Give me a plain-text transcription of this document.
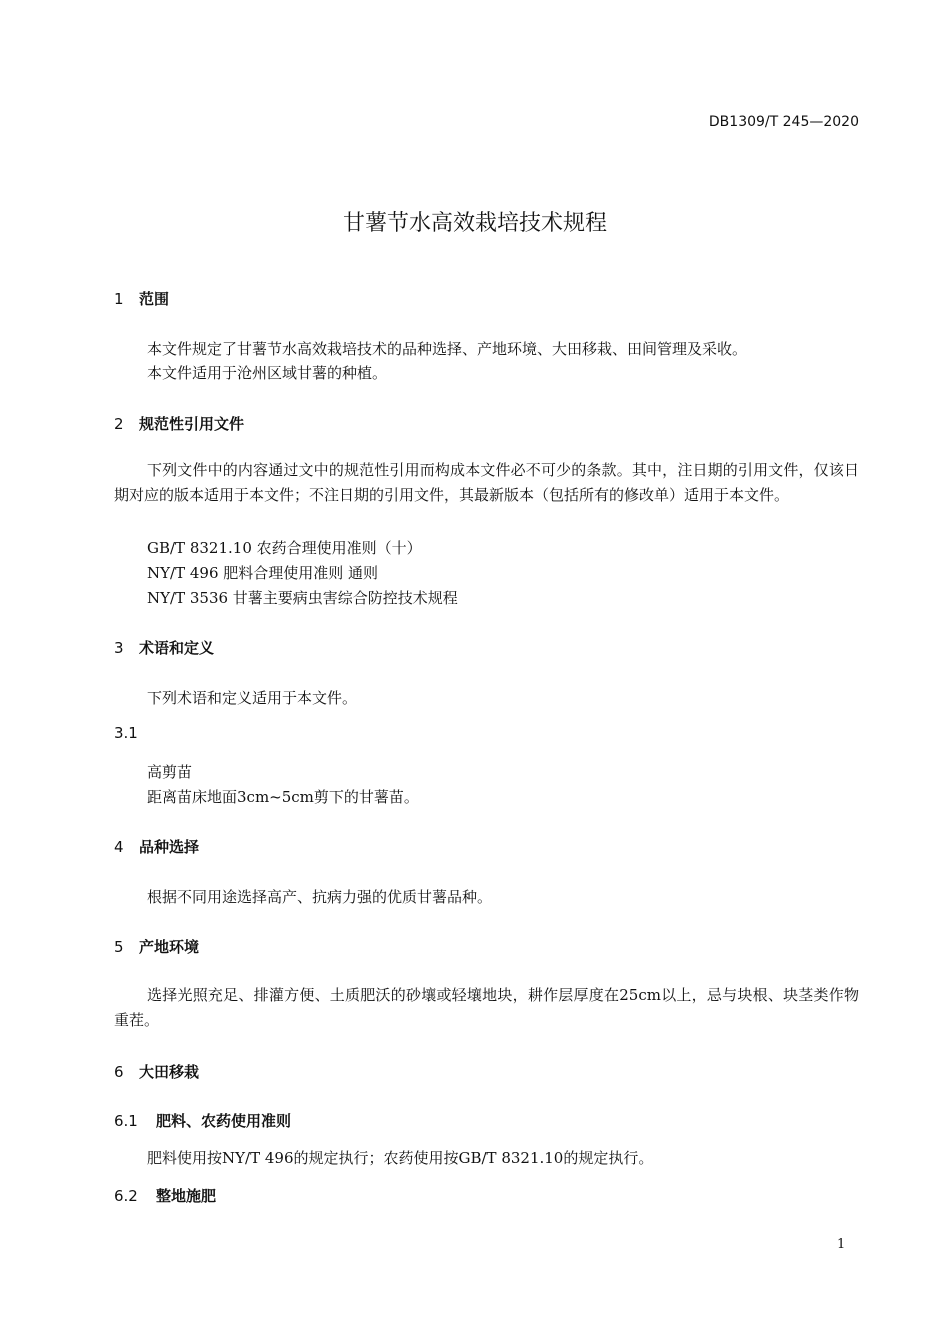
DB1309/T 245—2020
甘薯节水高效栽培技术规程
1 范围
本文件规定了甘薯节水高效栽培技术的品种选择、产地环境、大田移栽、田间管理及采收。
本文件适用于沧州区域甘薯的种植。
2 规范性引用文件
下列文件中的内容通过文中的规范性引用而构成本文件必不可少的条款。其中，注日期的引用文件，仅该日期对应的版本适用于本文件；不注日期的引用文件，其最新版本（包括所有的修改单）适用于本文件。
GB/T 8321.10 农药合理使用准则（十）
NY/T 496 肥料合理使用准则 通则
NY/T 3536 甘薯主要病虫害综合防控技术规程
3 术语和定义
下列术语和定义适用于本文件。
3.1
高剪苗
距离苗床地面3cm~5cm剪下的甘薯苗。
4 品种选择
根据不同用途选择高产、抗病力强的优质甘薯品种。
5 产地环境
选择光照充足、排灌方便、土质肥沃的砂壤或轻壤地块，耕作层厚度在25cm以上，忌与块根、块茎类作物重茬。
6 大田移栽
6.1 肥料、农药使用准则
肥料使用按NY/T 496的规定执行；农药使用按GB/T 8321.10的规定执行。
6.2 整地施肥
1
